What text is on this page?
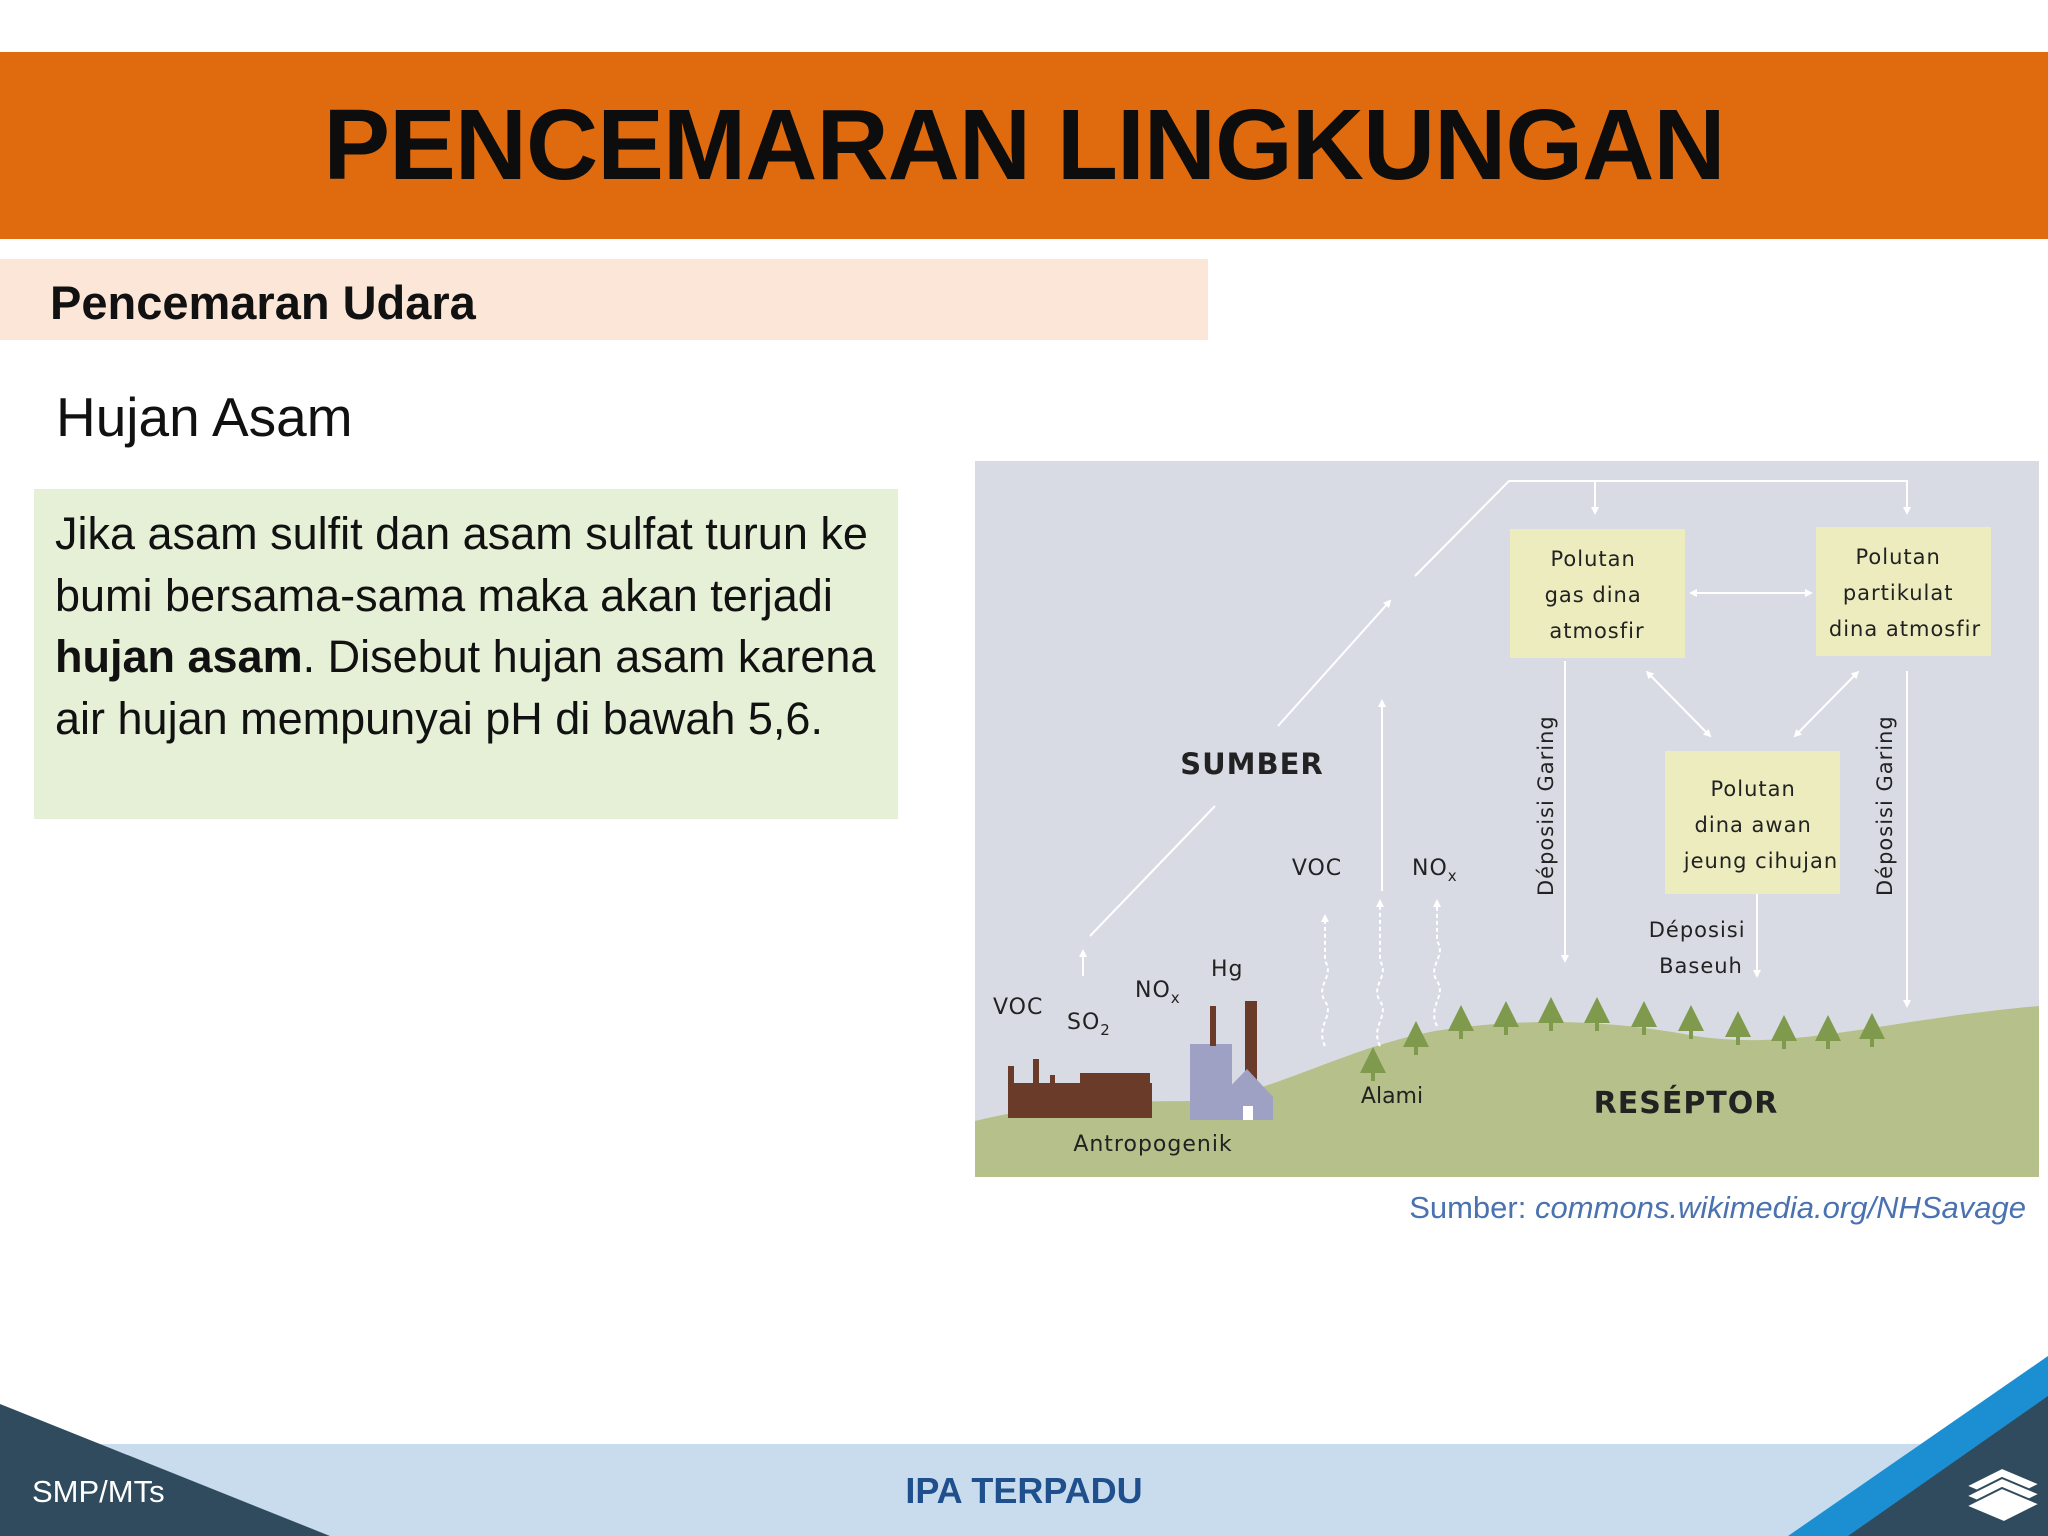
PENCEMARAN LINGKUNGAN
Pencemaran Udara
Hujan Asam

Jika asam sulfit dan asam sulfat turun ke bumi bersama-sama maka akan terjadi hujan asam. Disebut hujan asam karena air hujan mempunyai pH di bawah 5,6.

Polutan gas dina atmosfir
Polutan partikulat dina atmosfir
Polutan dina awan jeung cihujan
SUMBER
RESÉPTOR
Déposisi Garing	Déposisi Garing
Déposisi Baseuh
VOC	$NO_x$
VOC
$SO_2$
$NO_x$
Hg
Alami
Antropogenik
Sumber: commons.wikimedia.org/NHSavage
SMP/MTs	IPA TERPADU
